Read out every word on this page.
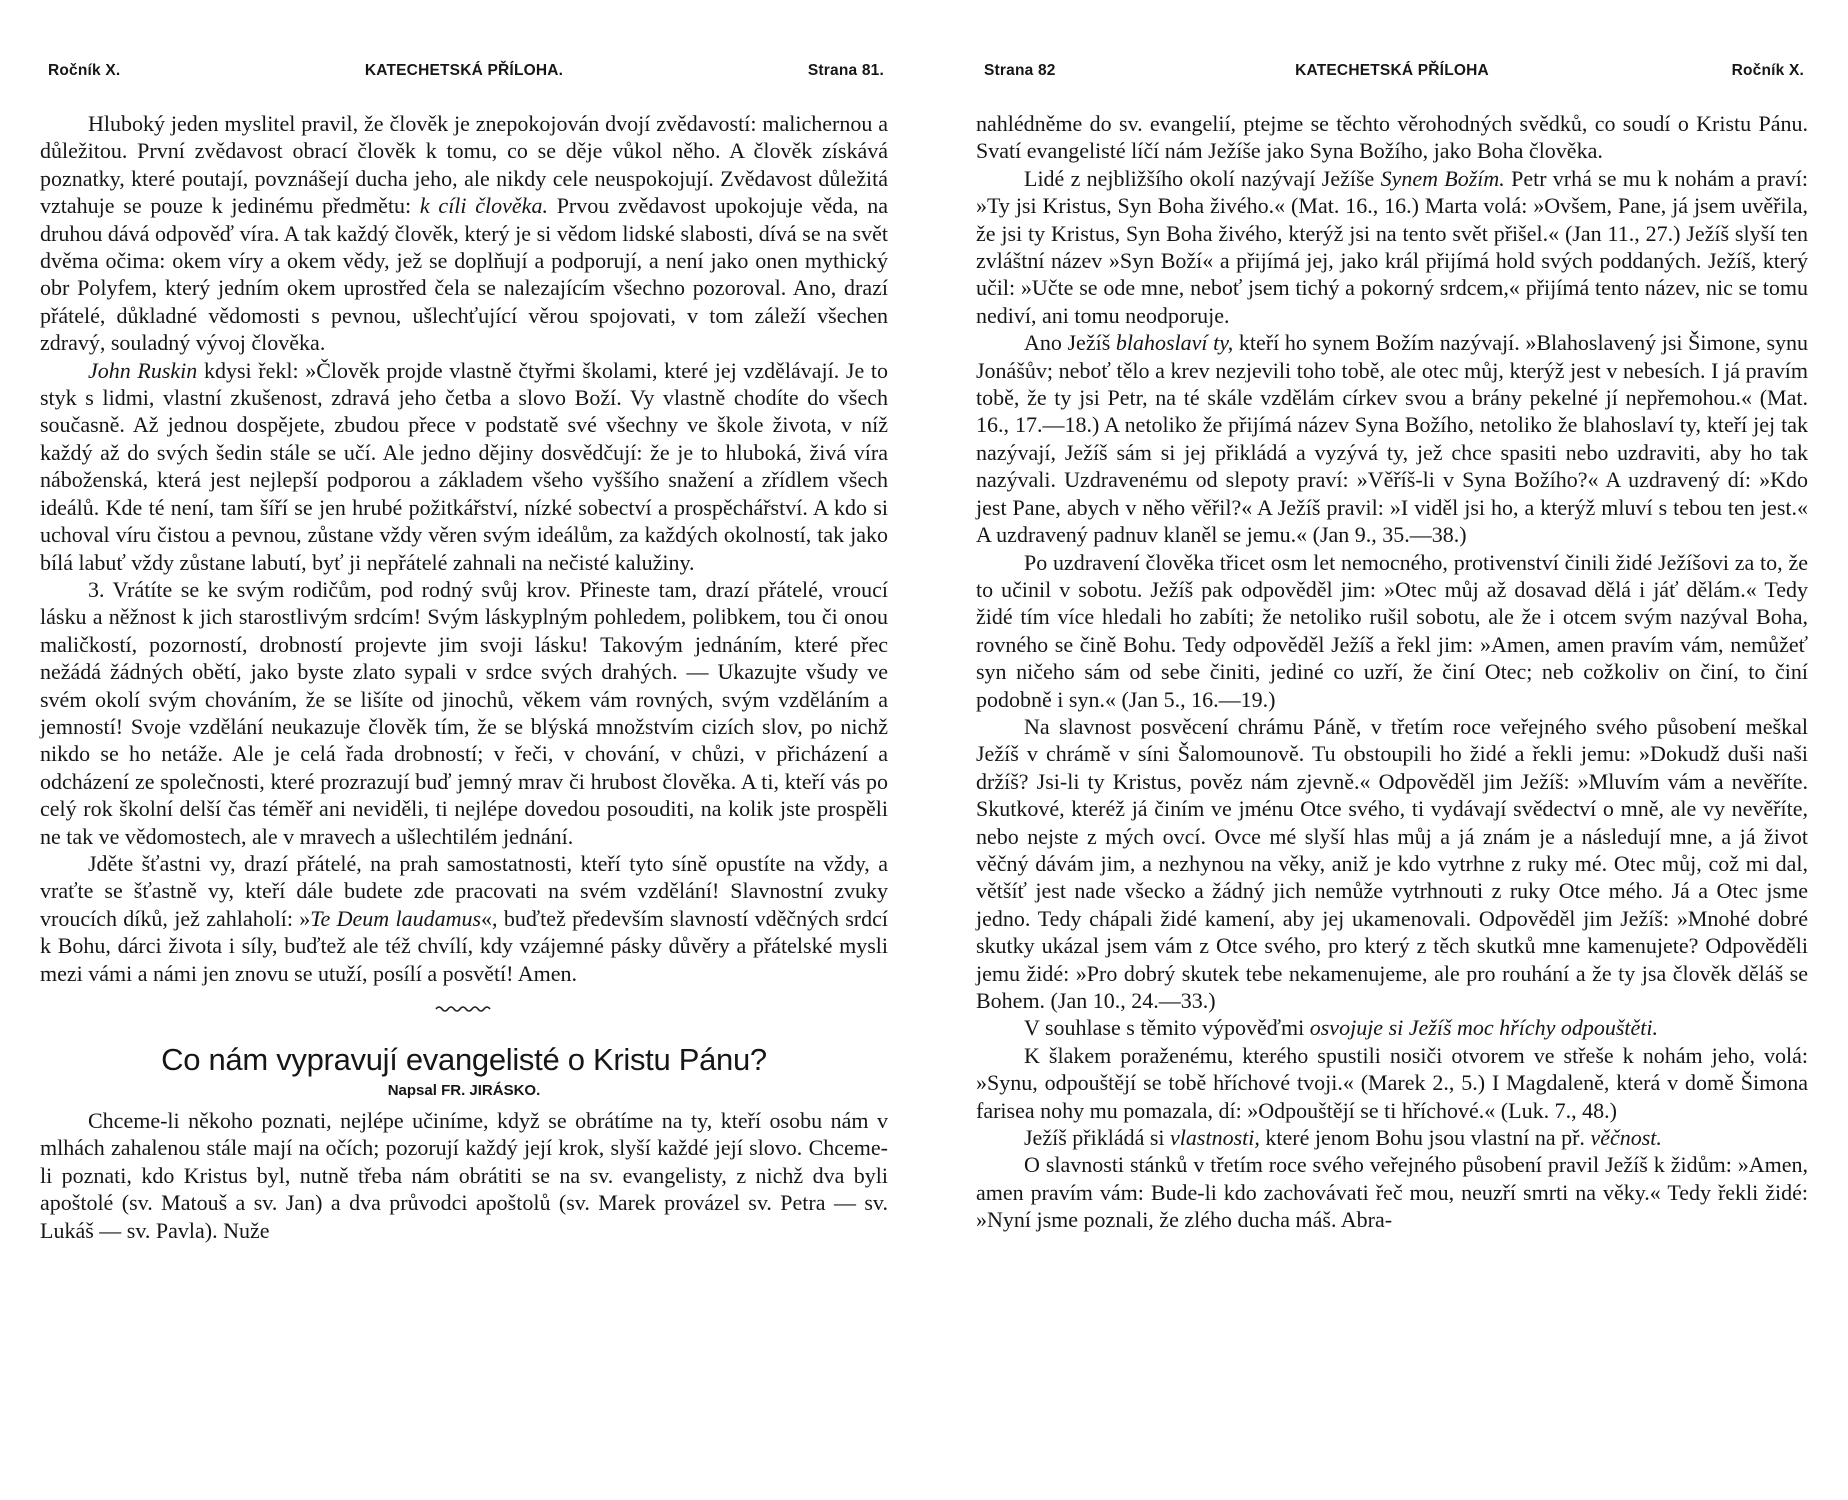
Ročník X.	KATECHETSKÁ PŘÍLOHA.	Strana 81.

Hluboký jeden myslitel pravil, že člověk je znepokojován dvojí zvědavostí: malichernou a důležitou. První zvědavost obrací člověk k tomu, co se děje vůkol něho. A člověk získává poznatky, které poutají, povznášejí ducha jeho, ale nikdy cele neuspokojují. Zvědavost důležitá vztahuje se pouze k jedinému předmětu: k cíli člověka. Prvou zvědavost upokojuje věda, na druhou dává odpověď víra. A tak každý člověk, který je si vědom lidské slabosti, dívá se na svět dvěma očima: okem víry a okem vědy, jež se doplňují a podporují, a není jako onen mythický obr Polyfem, který jedním okem uprostřed čela se nalezajícím všechno pozoroval. Ano, drazí přátelé, důkladné vědomosti s pevnou, ušlechťující věrou spojovati, v tom záleží všechen zdravý, souladný vývoj člověka.

John Ruskin kdysi řekl: »Člověk projde vlastně čtyřmi školami, které jej vzdělávají. Je to styk s lidmi, vlastní zkušenost, zdravá jeho četba a slovo Boží. Vy vlastně chodíte do všech současně. Až jednou dospějete, zbudou přece v podstatě své všechny ve škole života, v níž každý až do svých šedin stále se učí. Ale jedno dějiny dosvědčují: že je to hluboká, živá víra náboženská, která jest nejlepší podporou a základem všeho vyššího snažení a zřídlem všech ideálů. Kde té není, tam šíří se jen hrubé požitkářství, nízké sobectví a prospěchářství. A kdo si uchoval víru čistou a pevnou, zůstane vždy věren svým ideálům, za každých okolností, tak jako bílá labuť vždy zůstane labutí, byť ji nepřátelé zahnali na nečisté kalužiny.

3. Vrátíte se ke svým rodičům, pod rodný svůj krov. Přineste tam, drazí přátelé, vroucí lásku a něžnost k jich starostlivým srdcím! Svým láskyplným pohledem, polibkem, tou či onou maličkostí, pozorností, drobností projevte jim svoji lásku! Takovým jednáním, které přec nežádá žádných obětí, jako byste zlato sypali v srdce svých drahých. — Ukazujte všudy ve svém okolí svým chováním, že se lišíte od jinochů, věkem vám rovných, svým vzděláním a jemností! Svoje vzdělání neukazuje člověk tím, že se blýská množstvím cizích slov, po nichž nikdo se ho netáže. Ale je celá řada drobností; v řeči, v chování, v chůzi, v přicházení a odcházení ze společnosti, které prozrazují buď jemný mrav či hrubost člověka. A ti, kteří vás po celý rok školní delší čas téměř ani neviděli, ti nejlépe dovedou posouditi, na kolik jste prospěli ne tak ve vědomostech, ale v mravech a ušlechtilém jednání.

Jděte šťastni vy, drazí přátelé, na prah samostatnosti, kteří tyto síně opustíte na vždy, a vraťte se šťastně vy, kteří dále budete zde pracovati na svém vzdělání! Slavnostní zvuky vroucích díků, jež zahlaholí: »Te Deum laudamus«, buďtež především slavností vděčných srdcí k Bohu, dárci života i síly, buďtež ale též chvílí, kdy vzájemné pásky důvěry a přátelské mysli mezi vámi a námi jen znovu se utuží, posílí a posvětí! Amen.

Co nám vypravují evangelisté o Kristu Pánu?
Napsal FR. JIRÁSKO.

Chceme-li někoho poznati, nejlépe učiníme, když se obrátíme na ty, kteří osobu nám v mlhách zahalenou stále mají na očích; pozorují každý její krok, slyší každé její slovo. Chceme-li poznati, kdo Kristus byl, nutně třeba nám obrátiti se na sv. evangelisty, z nichž dva byli apoštolé (sv. Matouš a sv. Jan) a dva průvodci apoštolů (sv. Marek provázel sv. Petra — sv. Lukáš — sv. Pavla). Nuže

Strana 82	KATECHETSKÁ PŘÍLOHA	Ročník X.

nahlédněme do sv. evangelií, ptejme se těchto věrohodných svědků, co soudí o Kristu Pánu. Svatí evangelisté líčí nám Ježíše jako Syna Božího, jako Boha člověka.

Lidé z nejbližšího okolí nazývají Ježíše Synem Božím. Petr vrhá se mu k nohám a praví: »Ty jsi Kristus, Syn Boha živého.« (Mat. 16., 16.) Marta volá: »Ovšem, Pane, já jsem uvěřila, že jsi ty Kristus, Syn Boha živého, kterýž jsi na tento svět přišel.« (Jan 11., 27.) Ježíš slyší ten zvláštní název »Syn Boží« a přijímá jej, jako král přijímá hold svých poddaných. Ježíš, který učil: »Učte se ode mne, neboť jsem tichý a pokorný srdcem,« přijímá tento název, nic se tomu nediví, ani tomu neodporuje.

Ano Ježíš blahoslaví ty, kteří ho synem Božím nazývají. »Blahoslavený jsi Šimone, synu Jonášův; neboť tělo a krev nezjevili toho tobě, ale otec můj, kterýž jest v nebesích. I já pravím tobě, že ty jsi Petr, na té skále vzdělám církev svou a brány pekelné jí nepřemohou.« (Mat. 16., 17.—18.) A netoliko že přijímá název Syna Božího, netoliko že blahoslaví ty, kteří jej tak nazývají, Ježíš sám si jej přikládá a vyzývá ty, jež chce spasiti nebo uzdraviti, aby ho tak nazývali. Uzdravenému od slepoty praví: »Věříš-li v Syna Božího?« A uzdravený dí: »Kdo jest Pane, abych v něho věřil?« A Ježíš pravil: »I viděl jsi ho, a kterýž mluví s tebou ten jest.« A uzdravený padnuv klaněl se jemu.« (Jan 9., 35.—38.)

Po uzdravení člověka třicet osm let nemocného, protivenství činili židé Ježíšovi za to, že to učinil v sobotu. Ježíš pak odpověděl jim: »Otec můj až dosavad dělá i jáť dělám.« Tedy židé tím více hledali ho zabíti; že netoliko rušil sobotu, ale že i otcem svým nazýval Boha, rovného se čině Bohu. Tedy odpověděl Ježíš a řekl jim: »Amen, amen pravím vám, nemůžeť syn ničeho sám od sebe činiti, jediné co uzří, že činí Otec; neb cožkoliv on činí, to činí podobně i syn.« (Jan 5., 16.—19.)

Na slavnost posvěcení chrámu Páně, v třetím roce veřejného svého působení meškal Ježíš v chrámě v síni Šalomounově. Tu obstoupili ho židé a řekli jemu: »Dokudž duši naši držíš? Jsi-li ty Kristus, pověz nám zjevně.« Odpověděl jim Ježíš: »Mluvím vám a nevěříte. Skutkové, kteréž já činím ve jménu Otce svého, ti vydávají svědectví o mně, ale vy nevěříte, nebo nejste z mých ovcí. Ovce mé slyší hlas můj a já znám je a následují mne, a já život věčný dávám jim, a nezhynou na věky, aniž je kdo vytrhne z ruky mé. Otec můj, což mi dal, většíť jest nade všecko a žádný jich nemůže vytrhnouti z ruky Otce mého. Já a Otec jsme jedno. Tedy chápali židé kamení, aby jej ukamenovali. Odpověděl jim Ježíš: »Mnohé dobré skutky ukázal jsem vám z Otce svého, pro který z těch skutků mne kamenujete? Odpověděli jemu židé: »Pro dobrý skutek tebe nekamenujeme, ale pro rouhání a že ty jsa člověk děláš se Bohem. (Jan 10., 24.—33.)

V souhlase s těmito výpověďmi osvojuje si Ježíš moc hříchy odpouštěti.

K šlakem poraženému, kterého spustili nosiči otvorem ve střeše k nohám jeho, volá: »Synu, odpouštějí se tobě hříchové tvoji.« (Marek 2., 5.) I Magdaleně, která v domě Šimona farisea nohy mu pomazala, dí: »Odpouštějí se ti hříchové.« (Luk. 7., 48.)

Ježíš přikládá si vlastnosti, které jenom Bohu jsou vlastní na př. věčnost.

O slavnosti stánků v třetím roce svého veřejného působení pravil Ježíš k židům: »Amen, amen pravím vám: Bude-li kdo zachovávati řeč mou, neuzří smrti na věky.« Tedy řekli židé: »Nyní jsme poznali, že zlého ducha máš. Abra-
